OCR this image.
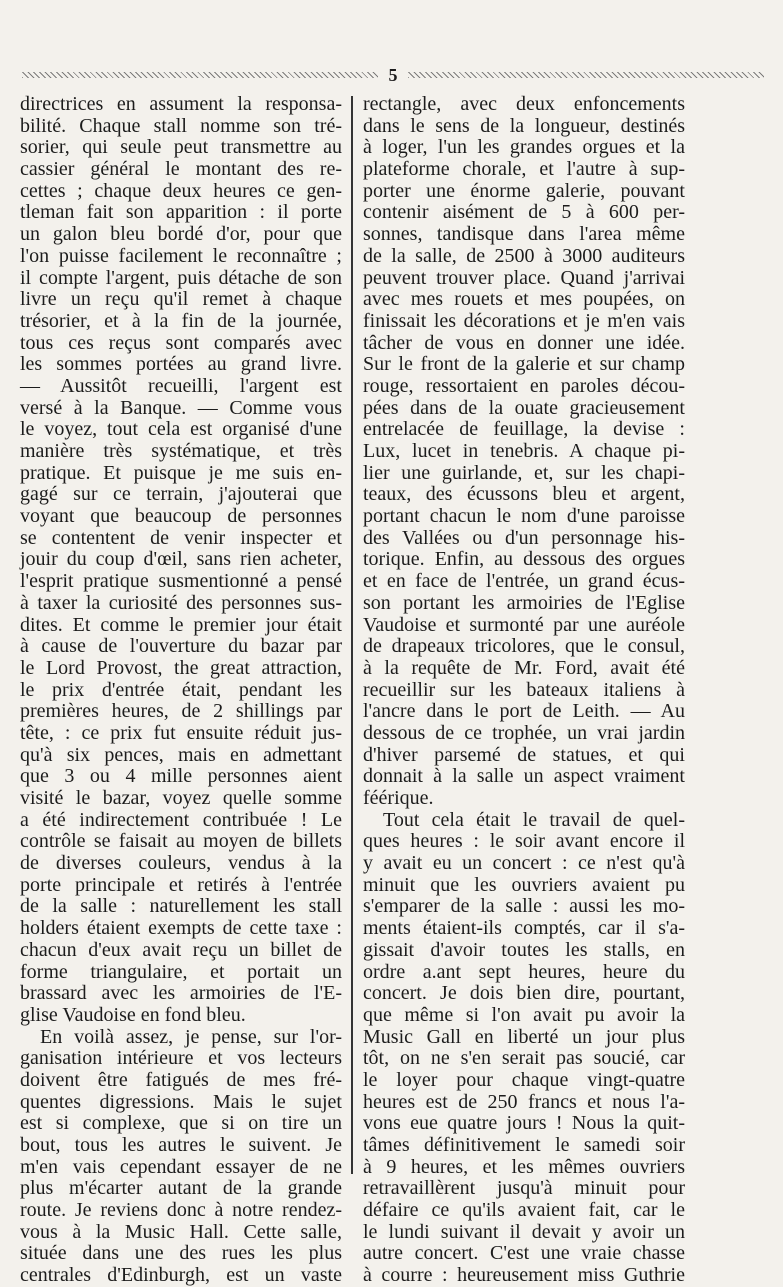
5
directrices en assument la responsa-
bilité. Chaque stall nomme son tré-
sorier, qui seule peut transmettre au
cassier général le montant des re-
cettes ; chaque deux heures ce gen-
tleman fait son apparition : il porte
un galon bleu bordé d'or, pour que
l'on puisse facilement le reconnaître ;
il compte l'argent, puis détache de son
livre un reçu qu'il remet à chaque
trésorier, et à la fin de la journée,
tous ces reçus sont comparés avec
les sommes portées au grand livre.
— Aussitôt recueilli, l'argent est
versé à la Banque. — Comme vous
le voyez, tout cela est organisé d'une
manière très systématique, et très
pratique. Et puisque je me suis en-
gagé sur ce terrain, j'ajouterai que
voyant que beaucoup de personnes
se contentent de venir inspecter et
jouir du coup d'œil, sans rien acheter,
l'esprit pratique susmentionné a pensé
à taxer la curiosité des personnes sus-
dites. Et comme le premier jour était
à cause de l'ouverture du bazar par
le Lord Provost, the great attraction,
le prix d'entrée était, pendant les
premières heures, de 2 shillings par
tête, : ce prix fut ensuite réduit jus-
qu'à six pences, mais en admettant
que 3 ou 4 mille personnes aient
visité le bazar, voyez quelle somme
a été indirectement contribuée ! Le
contrôle se faisait au moyen de billets
de diverses couleurs, vendus à la
porte principale et retirés à l'entrée
de la salle : naturellement les stall
holders étaient exempts de cette taxe :
chacun d'eux avait reçu un billet de
forme triangulaire, et portait un
brassard avec les armoiries de l'E-
glise Vaudoise en fond bleu.
En voilà assez, je pense, sur l'or-
ganisation intérieure et vos lecteurs
doivent être fatigués de mes fré-
quentes digressions. Mais le sujet
est si complexe, que si on tire un
bout, tous les autres le suivent. Je
m'en vais cependant essayer de ne
plus m'écarter autant de la grande
route. Je reviens donc à notre rendez-
vous à la Music Hall. Cette salle,
située dans une des rues les plus
centrales d'Edinburgh, est un vaste
rectangle, avec deux enfoncements
dans le sens de la longueur, destinés
à loger, l'un les grandes orgues et la
plateforme chorale, et l'autre à sup-
porter une énorme galerie, pouvant
contenir aisément de 5 à 600 per-
sonnes, tandisque dans l'area même
de la salle, de 2500 à 3000 auditeurs
peuvent trouver place. Quand j'arrivai
avec mes rouets et mes poupées, on
finissait les décorations et je m'en vais
tâcher de vous en donner une idée.
Sur le front de la galerie et sur champ
rouge, ressortaient en paroles décou-
pées dans de la ouate gracieusement
entrelacée de feuillage, la devise :
Lux, lucet in tenebris. A chaque pi-
lier une guirlande, et, sur les chapi-
teaux, des écussons bleu et argent,
portant chacun le nom d'une paroisse
des Vallées ou d'un personnage his-
torique. Enfin, au dessous des orgues
et en face de l'entrée, un grand écus-
son portant les armoiries de l'Eglise
Vaudoise et surmonté par une auréole
de drapeaux tricolores, que le consul,
à la requête de Mr. Ford, avait été
recueillir sur les bateaux italiens à
l'ancre dans le port de Leith. — Au
dessous de ce trophée, un vrai jardin
d'hiver parsemé de statues, et qui
donnait à la salle un aspect vraiment
féérique.
Tout cela était le travail de quel-
ques heures : le soir avant encore il
y avait eu un concert : ce n'est qu'à
minuit que les ouvriers avaient pu
s'emparer de la salle : aussi les mo-
ments étaient-ils comptés, car il s'a-
gissait d'avoir toutes les stalls, en
ordre a.ant sept heures, heure du
concert. Je dois bien dire, pourtant,
que même si l'on avait pu avoir la
Music Gall en liberté un jour plus
tôt, on ne s'en serait pas soucié, car
le loyer pour chaque vingt-quatre
heures est de 250 francs et nous l'a-
vons eue quatre jours ! Nous la quit-
tâmes définitivement le samedi soir
à 9 heures, et les mêmes ouvriers
retravaillèrent jusqu'à minuit pour
défaire ce qu'ils avaient fait, car le
le lundi suivant il devait y avoir un
autre concert. C'est une vraie chasse
à courre : heureusement miss Guthrie
